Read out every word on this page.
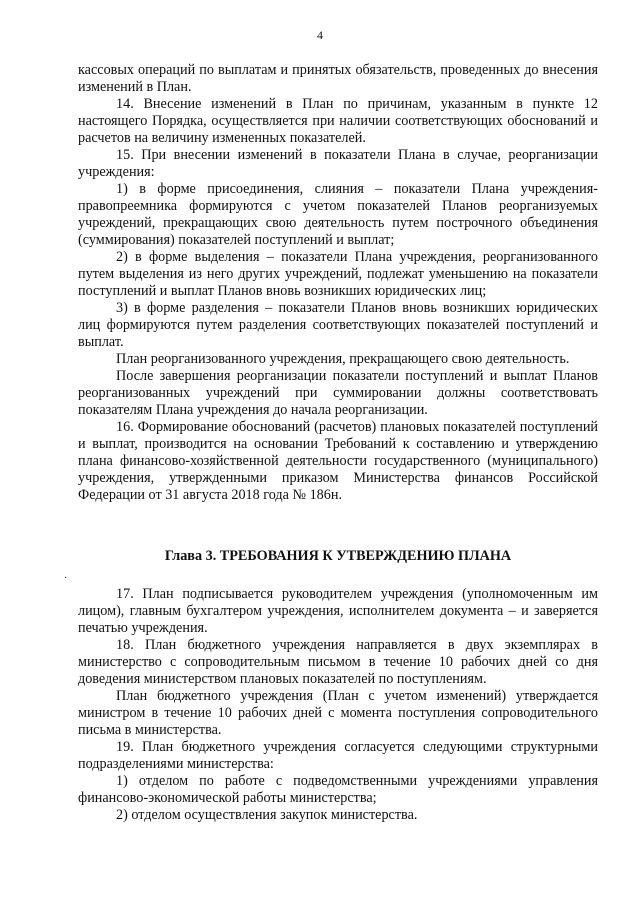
4

кассовых операций по выплатам и принятых обязательств, проведенных до внесения изменений в План.

14. Внесение изменений в План по причинам, указанным в пункте 12 настоящего Порядка, осуществляется при наличии соответствующих обоснований и расчетов на величину измененных показателей.

15. При внесении изменений в показатели Плана в случае, реорганизации учреждения:

1) в форме присоединения, слияния – показатели Плана учреждения-правопреемника формируются с учетом показателей Планов реорганизуемых учреждений, прекращающих свою деятельность путем построчного объединения (суммирования) показателей поступлений и выплат;

2) в форме выделения – показатели Плана учреждения, реорганизованного путем выделения из него других учреждений, подлежат уменьшению на показатели поступлений и выплат Планов вновь возникших юридических лиц;

3) в форме разделения – показатели Планов вновь возникших юридических лиц формируются путем разделения соответствующих показателей поступлений и выплат.

План реорганизованного учреждения, прекращающего свою деятельность.

После завершения реорганизации показатели поступлений и выплат Планов реорганизованных учреждений при суммировании должны соответствовать показателям Плана учреждения до начала реорганизации.

16. Формирование обоснований (расчетов) плановых показателей поступлений и выплат, производится на основании Требований к составлению и утверждению плана финансово-хозяйственной деятельности государственного (муниципального) учреждения, утвержденными приказом Министерства финансов Российской Федерации от 31 августа 2018 года № 186н.

Глава 3. ТРЕБОВАНИЯ К УТВЕРЖДЕНИЮ ПЛАНА
·

17. План подписывается руководителем учреждения (уполномоченным им лицом), главным бухгалтером учреждения, исполнителем документа – и заверяется печатью учреждения.

18. План бюджетного учреждения направляется в двух экземплярах в министерство с сопроводительным письмом в течение 10 рабочих дней со дня доведения министерством плановых показателей по поступлениям.

План бюджетного учреждения (План с учетом изменений) утверждается министром в течение 10 рабочих дней с момента поступления сопроводительного письма в министерства.

19. План бюджетного учреждения согласуется следующими структурными подразделениями министерства:

1) отделом по работе с подведомственными учреждениями управления финансово-экономической работы министерства;

2) отделом осуществления закупок министерства.
